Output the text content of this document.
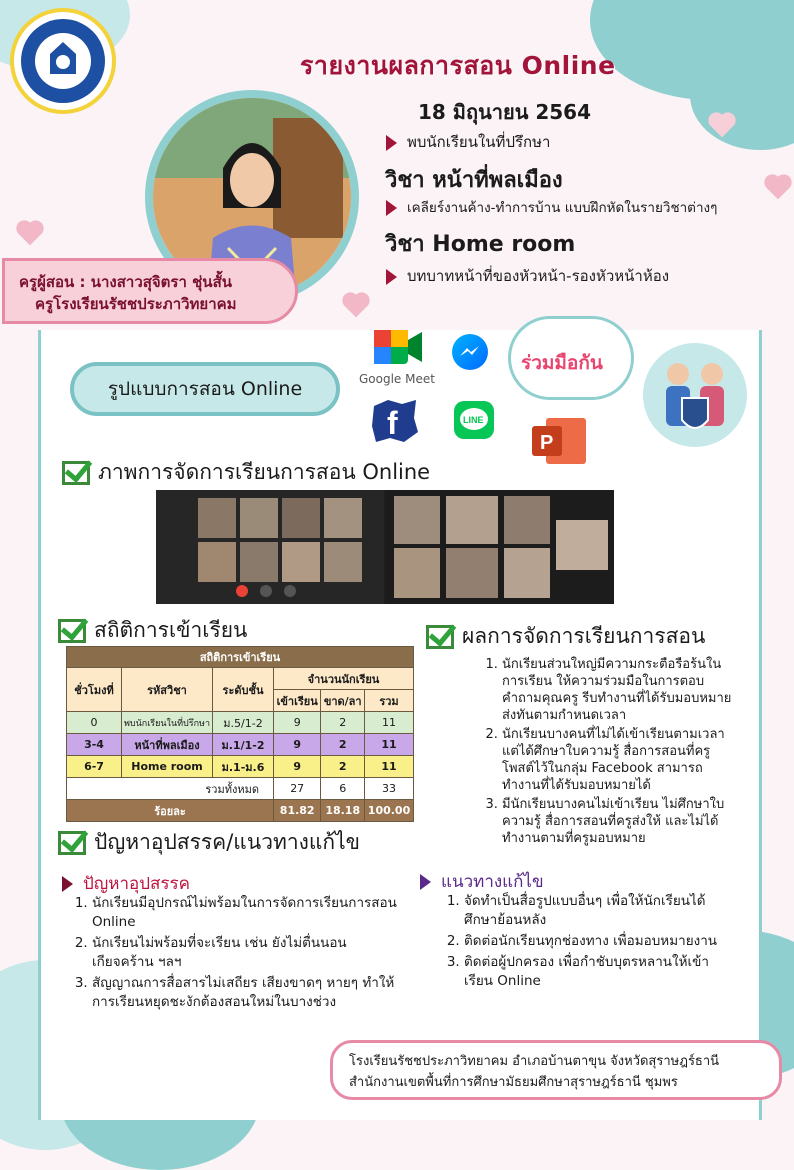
รายงานผลการสอน Online
18 มิถุนายน 2564
พบนักเรียนในที่ปรึกษา
วิชา หน้าที่พลเมือง
เคลียร์งานค้าง-ทำการบ้าน แบบฝึกหัดในรายวิชาต่างๆ
วิชา Home room
บทบาทหน้าที่ของหัวหน้า-รองหัวหน้าห้อง
ครูผู้สอน : นางสาวสุจิตรา ชุ่นสั้น
ครูโรงเรียนรัชชประภาวิทยาคม
รูปแบบการสอน Online	Google Meet
f	LINE
P
ร่วมมือกัน
ภาพการจัดการเรียนการสอน Online
สถิติการเข้าเรียน
สถิติการเข้าเรียน					
ชั่วโมงที่	รหัสวิชา	ระดับชั้น	จำนวนนักเรียน		
			เข้าเรียน	ขาด/ลา	รวม
0	พบนักเรียนในที่ปรึกษา	ม.5/1-2	9	2	11
3-4	หน้าที่พลเมือง	ม.1/1-2	9	2	11
6-7	Home room	ม.1-ม.6	9	2	11
รวมทั้งหมด			27	6	33
ร้อยละ			81.82	18.18	100.00
ผลการจัดการเรียนการสอน
1. นักเรียนส่วนใหญ่มีความกระตือรือร้นในการเรียน ให้ความร่วมมือในการตอบคำถามคุณครู รีบทำงานที่ได้รับมอบหมายส่งทันตามกำหนดเวลา
2. นักเรียนบางคนที่ไม่ได้เข้าเรียนตามเวลา แต่ได้ศึกษาใบความรู้ สื่อการสอนที่ครูโพสต์ไว้ในกลุ่ม Facebook สามารถทำงานที่ได้รับมอบหมายได้
3. มีนักเรียนบางคนไม่เข้าเรียน ไม่ศึกษาใบความรู้ สื่อการสอนที่ครูส่งให้ และไม่ได้ทำงานตามที่ครูมอบหมาย
ปัญหาอุปสรรค/แนวทางแก้ไข
ปัญหาอุปสรรค
1. นักเรียนมีอุปกรณ์ไม่พร้อมในการจัดการเรียนการสอน Online
2. นักเรียนไม่พร้อมที่จะเรียน เช่น ยังไม่ตื่นนอน เกียจคร้าน ฯลฯ
3. สัญญาณการสื่อสารไม่เสถียร เสียงขาดๆ หายๆ ทำให้การเรียนหยุดชะงักต้องสอนใหม่ในบางช่วง
แนวทางแก้ไข
1. จัดทำเป็นสื่อรูปแบบอื่นๆ เพื่อให้นักเรียนได้ศึกษาย้อนหลัง
2. ติดต่อนักเรียนทุกช่องทาง เพื่อมอบหมายงาน
3. ติดต่อผู้ปกครอง เพื่อกำชับบุตรหลานให้เข้าเรียน Online
โรงเรียนรัชชประภาวิทยาคม อำเภอบ้านตาขุน จังหวัดสุราษฎร์ธานี
สำนักงานเขตพื้นที่การศึกษามัธยมศึกษาสุราษฎร์ธานี ชุมพร
